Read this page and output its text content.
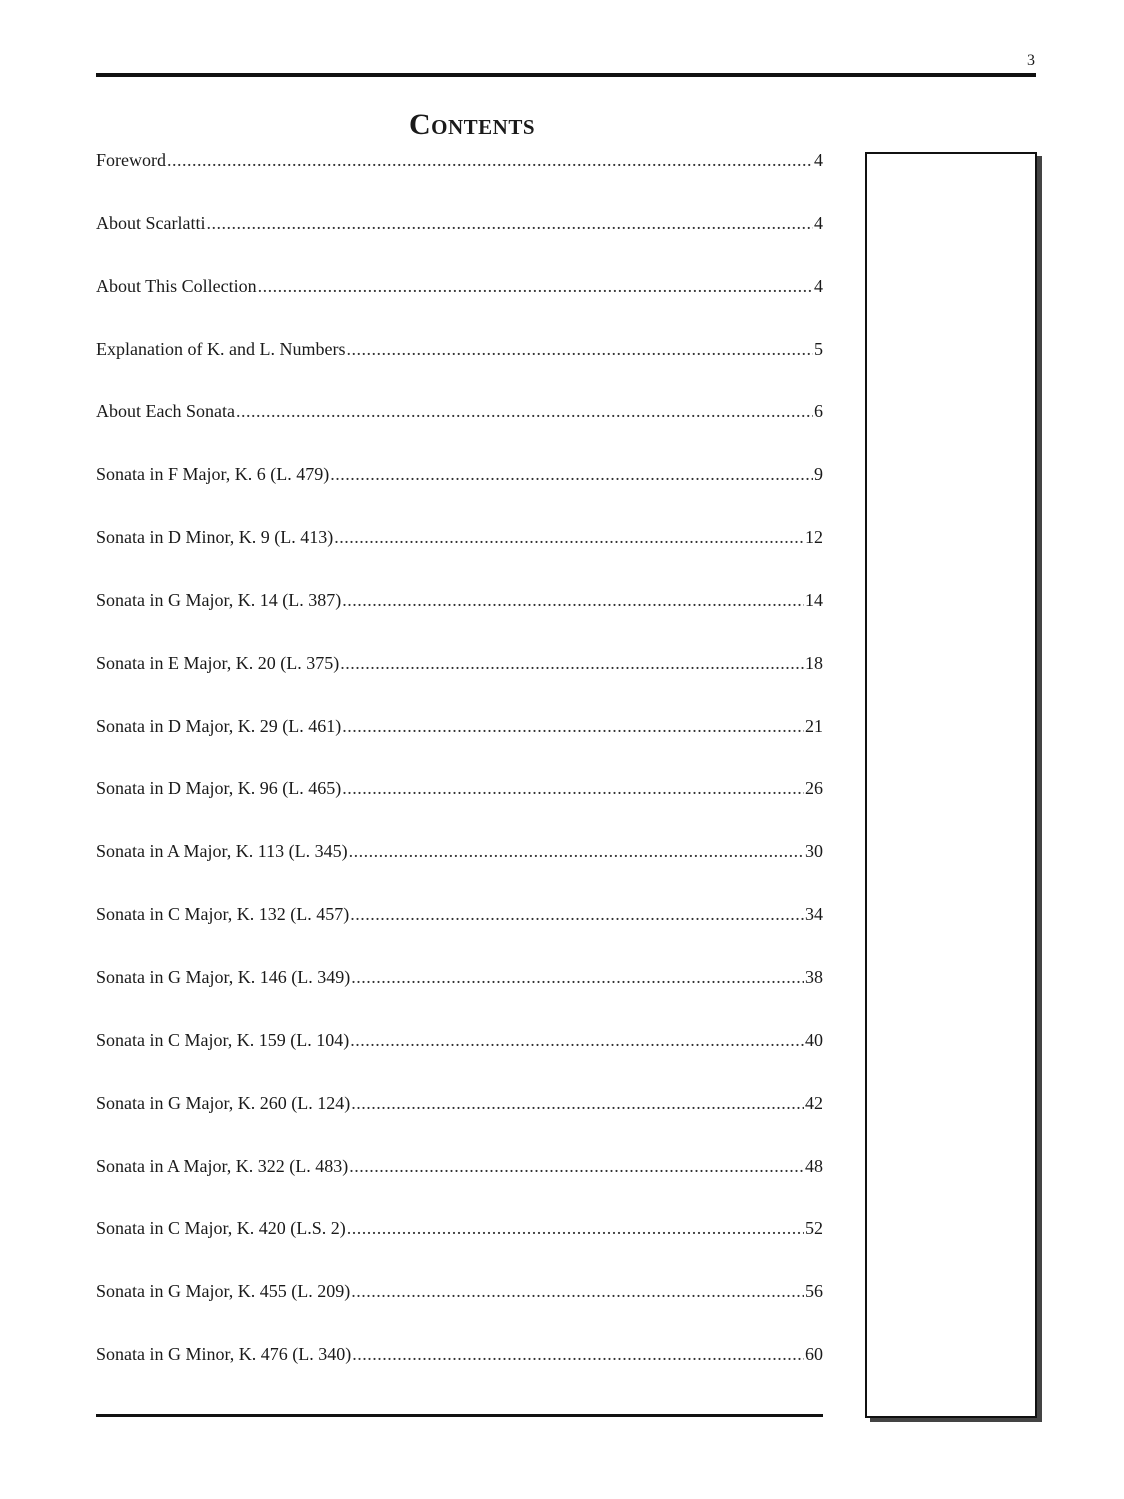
3
Contents
Foreword .....	4
About Scarlatti .....	4
About This Collection .....	4
Explanation of K. and L. Numbers .....	5
About Each Sonata .....	6
Sonata in F Major, K. 6 (L. 479) .....	9
Sonata in D Minor, K. 9 (L. 413) .....	12
Sonata in G Major, K. 14 (L. 387) .....	14
Sonata in E Major, K. 20 (L. 375) .....	18
Sonata in D Major, K. 29 (L. 461) .....	21
Sonata in D Major, K. 96 (L. 465) .....	26
Sonata in A Major, K. 113 (L. 345) .....	30
Sonata in C Major, K. 132 (L. 457) .....	34
Sonata in G Major, K. 146 (L. 349) .....	38
Sonata in C Major, K. 159 (L. 104) .....	40
Sonata in G Major, K. 260 (L. 124) .....	42
Sonata in A Major, K. 322 (L. 483) .....	48
Sonata in C Major, K. 420 (L.S. 2) .....	52
Sonata in G Major, K. 455 (L. 209) .....	56
Sonata in G Minor, K. 476 (L. 340) .....	60
